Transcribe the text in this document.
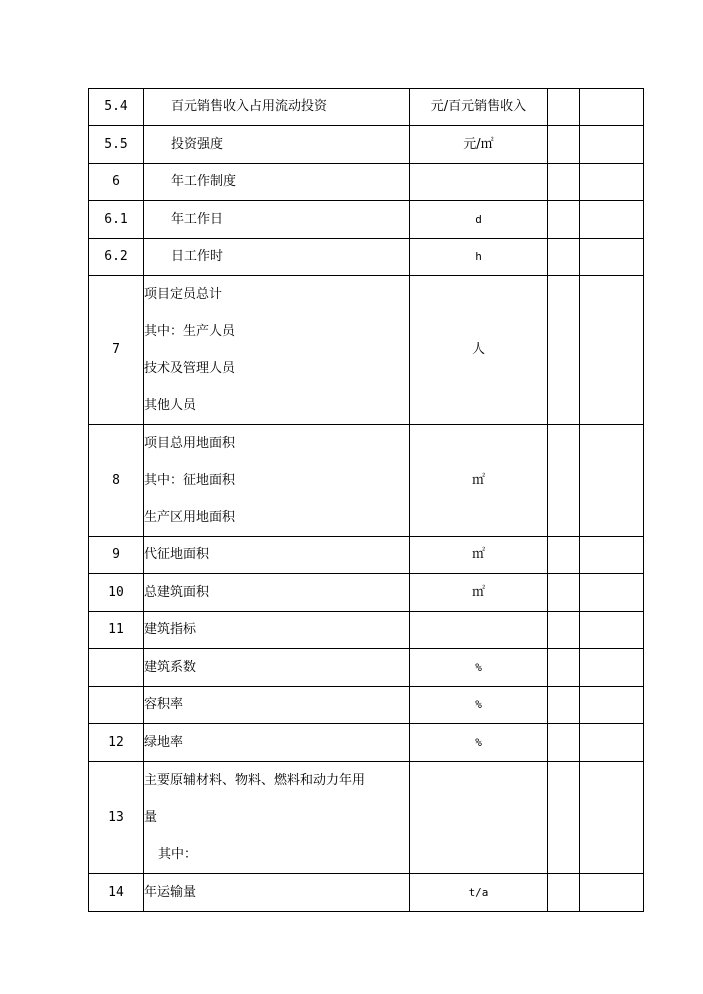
5.4	百元销售收入占用流动投资	元/百元销售收入		
5.5	投资强度	元/㎡		
6	年工作制度			
6.1	年工作日	d		
6.2	日工作时	h		
7	项目定员总计
其中：生产人员
技术及管理人员
其他人员	人		
8	项目总用地面积
其中：征地面积
生产区用地面积	㎡		
9	代征地面积	㎡		
10	总建筑面积	㎡		
11	建筑指标			
	建筑系数	%		
	容积率	%		
12	绿地率	%		
13	主要原辅材料、物料、燃料和动力年用
量
其中：			

14	年运输量	t/a		
